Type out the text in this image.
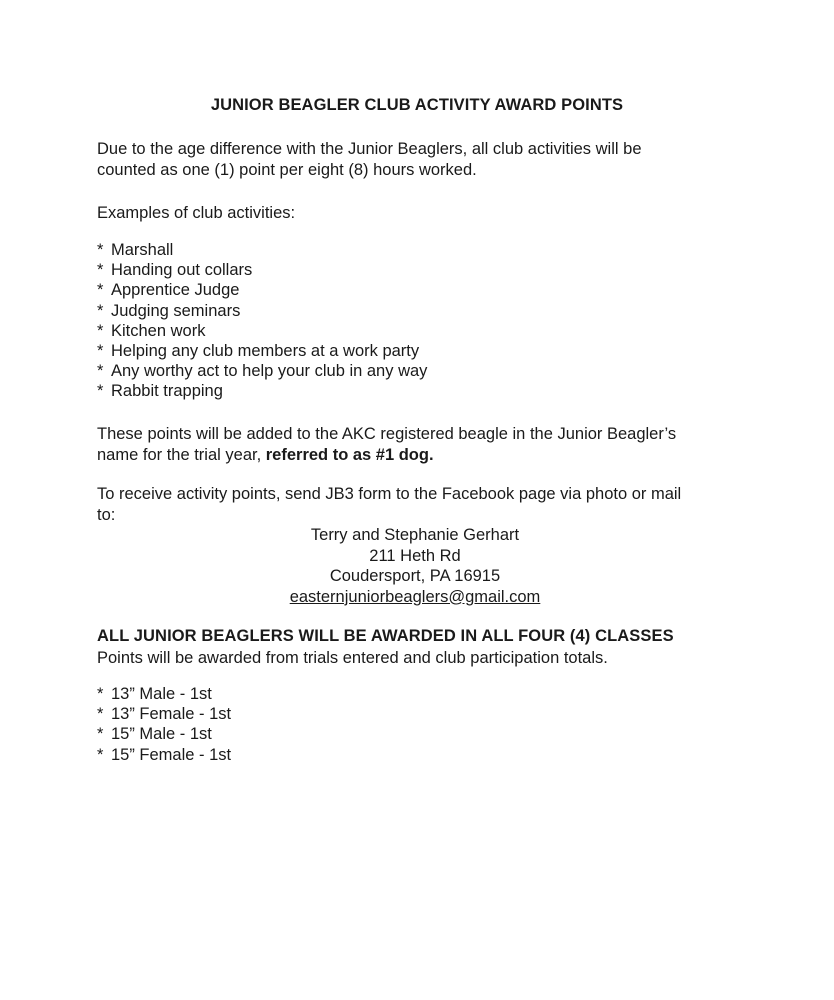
JUNIOR BEAGLER CLUB ACTIVITY AWARD POINTS
Due to the age difference with the Junior Beaglers, all club activities will be
counted as one (1) point per eight (8) hours worked.
Examples of club activities:
* Marshall
* Handing out collars
* Apprentice Judge
* Judging seminars
* Kitchen work
* Helping any club members at a work party
* Any worthy act to help your club in any way
* Rabbit trapping
These points will be added to the AKC registered beagle in the Junior Beagler’s
name for the trial year, referred to as #1 dog.
To receive activity points, send JB3 form to the Facebook page via photo or mail
to:
Terry and Stephanie Gerhart
211 Heth Rd
Coudersport, PA 16915
easternjuniorbeaglers@gmail.com
ALL JUNIOR BEAGLERS WILL BE AWARDED IN ALL FOUR (4) CLASSES
Points will be awarded from trials entered and club participation totals.
* 13” Male - 1st
* 13” Female - 1st
* 15” Male - 1st
* 15” Female - 1st
